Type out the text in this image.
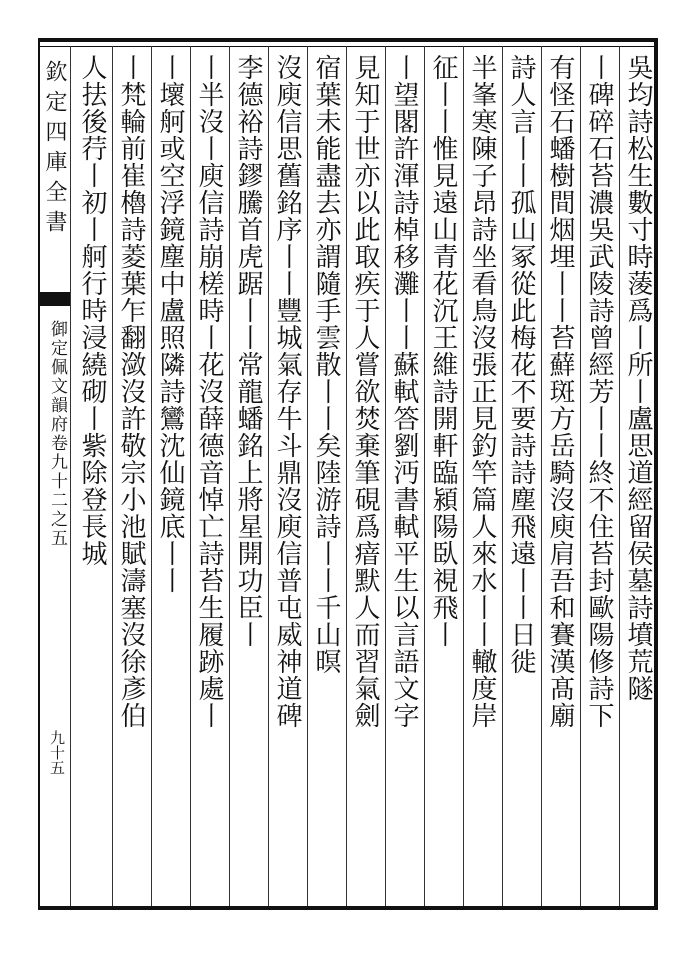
欽定四庫全書
御定佩文韻府卷九十二之五
九十五
吳均詩松生數寸時蔆爲丨所丨盧思道經留侯墓詩墳荒隧
丨碑碎石苔濃吳武陵詩曾經芳丨丨終不住苔封歐陽修詩下
有怪石蟠樹間烟埋丨丨苔蘚斑方岳騎沒庾肩吾和賽漢髙廟
詩人言丨丨孤山冢從此梅花不要詩詩塵飛遠丨丨日徙
半峯寒陳子昂詩坐看鳥沒張正見釣竿篇人來水丨丨轍度岸
征丨丨惟見遠山青花沉王維詩開軒臨潁陽臥視飛丨
丨望閣許渾詩棹移灘丨丨蘇軾答劉沔書軾平生以言語文字
見知于世亦以此取疾于人嘗欲焚棄筆硯爲瘖默人而習氣劍
宿葉未能盡去亦謂隨手雲散丨丨矣陸游詩丨丨千山暝
沒庾信思舊銘序丨丨豐城氣存牛斗鼎沒庾信普屯威神道碑
李德裕詩鏐騰首虎踞丨丨常龍蟠銘上將星開功臣丨
丨半沒丨庾信詩崩槎時丨花沒薛德音悼亡詩苔生履跡處丨
丨壞舸或空浮鏡塵中盧照隣詩鸞沈仙鏡底丨丨
丨梵輪前崔櫓詩菱葉乍翻潋沒許敬宗小池賦濤塞沒徐彥伯
人抾後荇丨初丨舸行時浸繞砌丨紫除登長城
